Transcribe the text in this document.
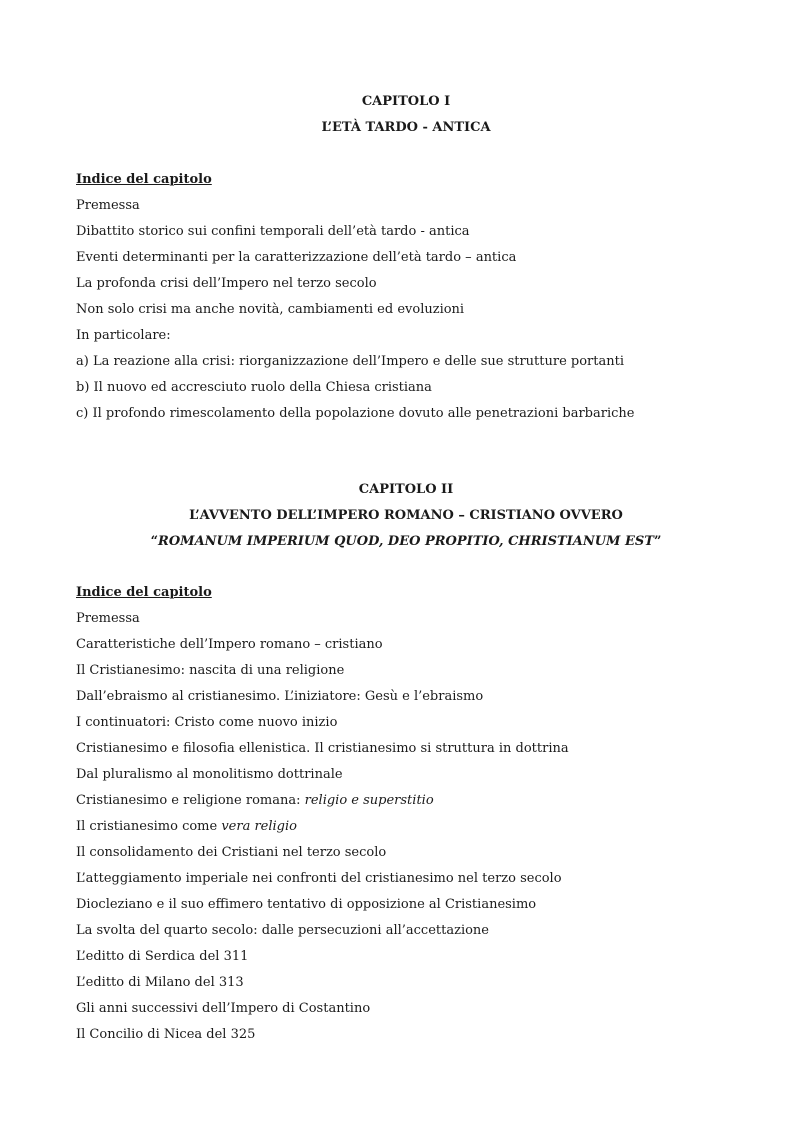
CAPITOLO I
L’ETÀ TARDO - ANTICA
Indice del capitolo
Premessa
Dibattito storico sui confini temporali dell’età tardo - antica
Eventi determinanti per la caratterizzazione dell’età tardo – antica
La profonda crisi dell’Impero nel terzo secolo
Non solo crisi ma anche novità, cambiamenti ed evoluzioni
In particolare:
a) La reazione alla crisi: riorganizzazione dell’Impero e delle sue strutture portanti
b) Il nuovo ed accresciuto ruolo della Chiesa cristiana
c) Il profondo rimescolamento della popolazione dovuto alle penetrazioni barbariche
CAPITOLO II
L’AVVENTO DELL’IMPERO ROMANO – CRISTIANO OVVERO
“ROMANUM IMPERIUM QUOD, DEO PROPITIO, CHRISTIANUM EST”
Indice del capitolo
Premessa
Caratteristiche dell’Impero romano – cristiano
Il Cristianesimo: nascita di una religione
Dall’ebraismo al cristianesimo. L’iniziatore: Gesù e l’ebraismo
I continuatori: Cristo come nuovo inizio
Cristianesimo e filosofia ellenistica. Il cristianesimo si struttura in dottrina
Dal pluralismo al monolitismo dottrinale
Cristianesimo e religione romana: religio e superstitio
Il cristianesimo come vera religio
Il consolidamento dei Cristiani nel terzo secolo
L’atteggiamento imperiale nei confronti del cristianesimo nel terzo secolo
Diocleziano e il suo effimero tentativo di opposizione al Cristianesimo
La svolta del quarto secolo: dalle persecuzioni all’accettazione
L’editto di Serdica del 311
L’editto di Milano del 313
Gli anni successivi dell’Impero di Costantino
Il Concilio di Nicea del 325
